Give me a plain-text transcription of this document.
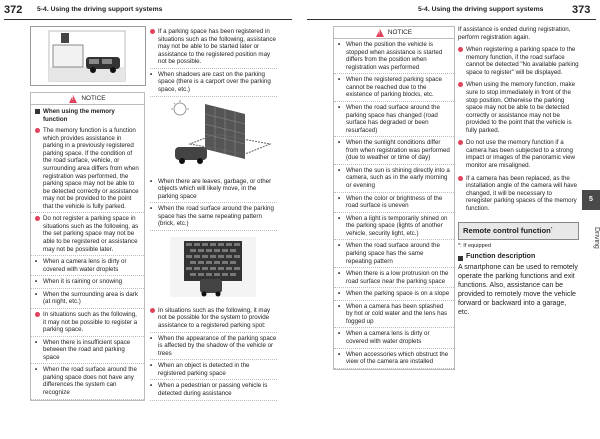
372 5-4. Using the driving support systems	5-4. Using the driving support systems	373
!
NOTICE
When using the memory function
The memory function is a function which provides assistance in parking in a previously registered parking space. If the condition of the road surface, vehicle, or surrounding area differs from when registration was performed, the parking space may not be able to be detected correctly or assistance may not be provided to the point that the vehicle is fully parked.
Do not register a parking space in situations such as the following, as the set parking space may not be able to be registered or assistance may not be possible later.
• When a camera lens is dirty or covered with water droplets
• When it is raining or snowing
• When the surrounding area is dark (at night, etc.)
In situations such as the following, it may not be possible to register a parking space.
• When there is insufficient space between the road and parking space
• When the road surface around the parking space does not have any differences the system can recognize
If a parking space has been registered in situations such as the following, assistance may not be able to be started later or assistance to the registered position may not be possible.
• When shadows are cast on the parking space (there is a carport over the parking space, etc.)
• When there are leaves, garbage, or other objects which will likely move, in the parking space
• When the road surface around the parking space has the same repeating pattern (brick, etc.)
In situations such as the following, it may not be possible for the system to provide assistance to a registered parking spot:
• When the appearance of the parking space is affected by the shadow of the vehicle or trees
• When an object is detected in the registered parking space
• When a pedestrian or passing vehicle is detected during assistance
!
NOTICE
• When the position the vehicle is stopped when assistance is started differs from the position when registration was performed
• When the registered parking space cannot be reached due to the existence of parking blocks, etc.
• When the road surface around the parking space has changed (road surface has degraded or been resurfaced)
• When the sunlight conditions differ from when registration was performed (due to weather or time of day)
• When the sun is shining directly into a camera, such as in the early morning or evening
• When the color or brightness of the road surface is uneven
• When a light is temporarily shined on the parking space (lights of another vehicle, security light, etc.)
• When the road surface around the parking space has the same repeating pattern
• When there is a low protrusion on the road surface near the parking space
• When the parking space is on a slope
• When a camera has been splashed by hot or cold water and the lens has fogged up
• When a camera lens is dirty or covered with water droplets
• When accessories which obstruct the view of the camera are installed
If assistance is ended during registration, perform registration again.
When registering a parking space to the memory function, if the road surface cannot be detected "No available parking space to register" will be displayed.
When using the memory function, make sure to stop immediately in front of the stop position. Otherwise the parking space may not be able to be detected correctly or assistance may not be provided to the point that the vehicle is fully parked.
Do not use the memory function if a camera has been subjected to a strong impact or images of the panoramic view monitor are misaligned.
If a camera has been replaced, as the installation angle of the camera will have changed, it will be necessary to reregister parking spaces of the memory function.
Remote control function*
*: If equipped
Function description
A smartphone can be used to remotely operate the parking functions and exit functions. Also, assistance can be provided to remotely move the vehicle forward or backward into a garage, etc.
5
Driving
